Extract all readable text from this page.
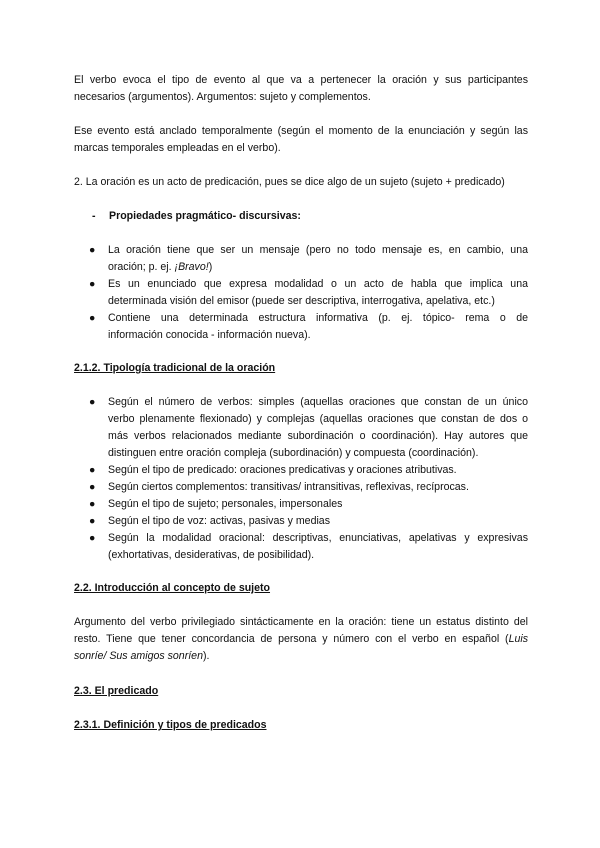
El verbo evoca el tipo de evento al que va a pertenecer la oración y sus participantes

necesarios (argumentos). Argumentos: sujeto y complementos.

Ese evento está anclado temporalmente (según el momento de la enunciación y según las

marcas temporales empleadas en el verbo).

2. La oración es un acto de predicación, pues se dice algo de un sujeto (sujeto + predicado)

- Propiedades pragmático- discursivas:
● La oración tiene que ser un mensaje (pero no todo mensaje es, en cambio, una

oración; p. ej. ¡Bravo!)

● Es un enunciado que expresa modalidad o un acto de habla que implica una

determinada visión del emisor (puede ser descriptiva, interrogativa, apelativa, etc.)

● Contiene una determinada estructura informativa (p. ej. tópico- rema o de

información conocida - información nueva).

2.1.2. Tipología tradicional de la oración
● Según el número de verbos: simples (aquellas oraciones que constan de un único

verbo plenamente flexionado) y complejas (aquellas oraciones que constan de dos o

más verbos relacionados mediante subordinación o coordinación). Hay autores que

distinguen entre oración compleja (subordinación) y compuesta (coordinación).

● Según el tipo de predicado: oraciones predicativas y oraciones atributivas.

● Según ciertos complementos: transitivas/ intransitivas, reflexivas, recíprocas.

● Según el tipo de sujeto; personales, impersonales

● Según el tipo de voz: activas, pasivas y medias

● Según la modalidad oracional: descriptivas, enunciativas, apelativas y expresivas

(exhortativas, desiderativas, de posibilidad).

2.2. Introducción al concepto de sujeto

Argumento del verbo privilegiado sintácticamente en la oración: tiene un estatus distinto del

resto. Tiene que tener concordancia de persona y número con el verbo en español (Luis

sonríe/ Sus amigos sonríen).

2.3. El predicado
2.3.1. Definición y tipos de predicados
